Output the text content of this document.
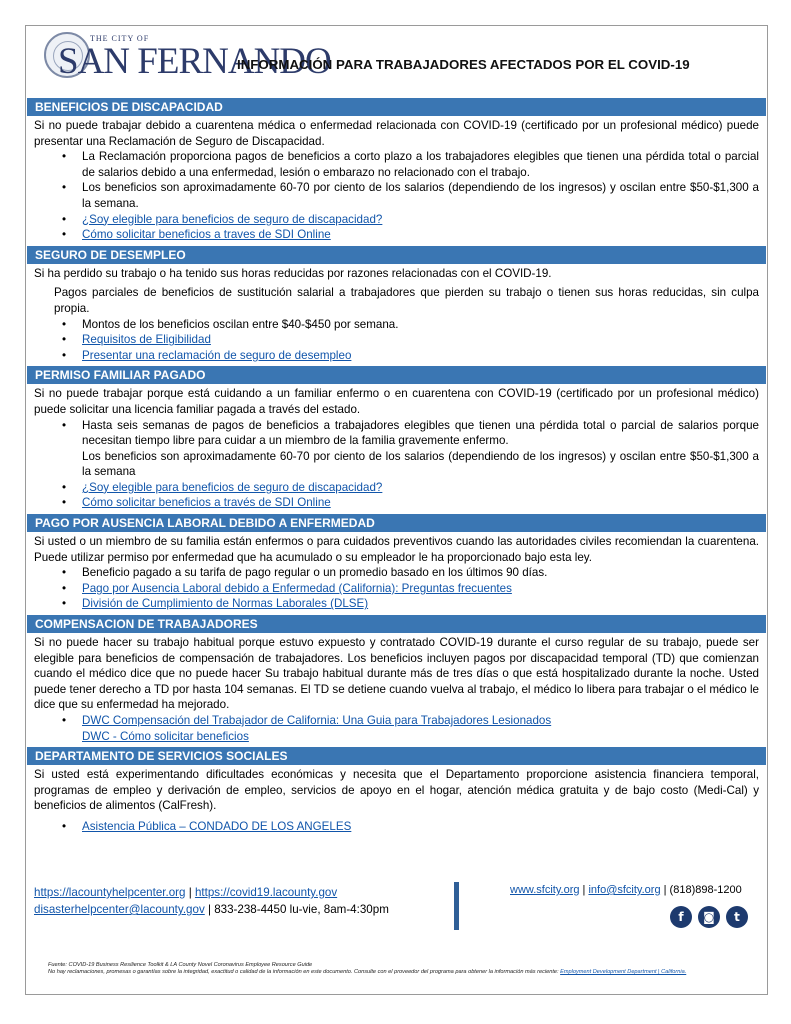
THE CITY OF
SAN FERNANDO
INFORMACIÓN PARA TRABAJADORES AFECTADOS POR EL COVID-19
BENEFICIOS DE DISCAPACIDAD

Si no puede trabajar debido a cuarentena médica o enfermedad relacionada con COVID-19 (certificado por un profesional médico) puede presentar una Reclamación de Seguro de Discapacidad.

• La Reclamación proporciona pagos de beneficios a corto plazo a los trabajadores elegibles que tienen una pérdida total o parcial de salarios debido a una enfermedad, lesión o embarazo no relacionado con el trabajo.
• Los beneficios son aproximadamente 60-70 por ciento de los salarios (dependiendo de los ingresos) y oscilan entre $50-$1,300 a la semana.
• ¿Soy elegible para beneficios de seguro de discapacidad?
• Cómo solicitar beneficios a traves de SDI Online
SEGURO DE DESEMPLEO

Si ha perdido su trabajo o ha tenido sus horas reducidas por razones relacionadas con el COVID-19.

Pagos parciales de beneficios de sustitución salarial a trabajadores que pierden su trabajo o tienen sus horas reducidas, sin culpa propia.

• Montos de los beneficios oscilan entre $40-$450 por semana.
• Requisitos de Eligibilidad
• Presentar una reclamación de seguro de desempleo
PERMISO FAMILIAR PAGADO

Si no puede trabajar porque está cuidando a un familiar enfermo o en cuarentena con COVID-19 (certificado por un profesional médico) puede solicitar una licencia familiar pagada a través del estado.

• Hasta seis semanas de pagos de beneficios a trabajadores elegibles que tienen una pérdida total o parcial de salarios porque necesitan tiempo libre para cuidar a un miembro de la familia gravemente enfermo.
Los beneficios son aproximadamente 60-70 por ciento de los salarios (dependiendo de los ingresos) y oscilan entre $50-$1,300 a la semana
• ¿Soy elegible para beneficios de seguro de discapacidad?
• Cómo solicitar beneficios a través de SDI Online
PAGO POR AUSENCIA LABORAL DEBIDO A ENFERMEDAD

Si usted o un miembro de su familia están enfermos o para cuidados preventivos cuando las autoridades civiles recomiendan la cuarentena. Puede utilizar permiso por enfermedad que ha acumulado o su empleador le ha proporcionado bajo esta ley.

• Beneficio pagado a su tarifa de pago regular o un promedio basado en los últimos 90 días.
• Pago por Ausencia Laboral debido a Enfermedad (California): Preguntas frecuentes
• División de Cumplimiento de Normas Laborales (DLSE)
COMPENSACION DE TRABAJADORES

Si no puede hacer su trabajo habitual porque estuvo expuesto y contratado COVID-19 durante el curso regular de su trabajo, puede ser elegible para beneficios de compensación de trabajadores. Los beneficios incluyen pagos por discapacidad temporal (TD) que comienzan cuando el médico dice que no puede hacer Su trabajo habitual durante más de tres días o que está hospitalizado durante la noche. Usted puede tener derecho a TD por hasta 104 semanas. El TD se detiene cuando vuelva al trabajo, el médico lo libera para trabajar o el médico le dice que su enfermedad ha mejorado.

• DWC Compensación del Trabajador de California: Una Guia para Trabajadores Lesionados
DWC - Cómo solicitar beneficios
DEPARTAMENTO DE SERVICIOS SOCIALES

Si usted está experimentando dificultades económicas y necesita que el Departamento proporcione asistencia financiera temporal, programas de empleo y derivación de empleo, servicios de apoyo en el hogar, atención médica gratuita y de bajo costo (Medi-Cal) y beneficios de alimentos (CalFresh).

• Asistencia Pública – CONDADO DE LOS ANGELES
https://lacountyhelpcenter.org | https://covid19.lacounty.gov
disasterhelpcenter@lacounty.gov | 833-238-4450 lu-vie, 8am-4:30pm
www.sfcity.org | info@sfcity.org | (818)898-1200
f ◙ t
Fuente: COVID-19 Business Resilience Toolkit & LA County Novel Coronavirus Employee Resource Guide
No hay reclamaciones, promesas o garantías sobre la integridad, exactitud o calidad de la información en este documento. Consulte con el proveedor del programa para obtener la información más reciente: Employment Development Department | California.
